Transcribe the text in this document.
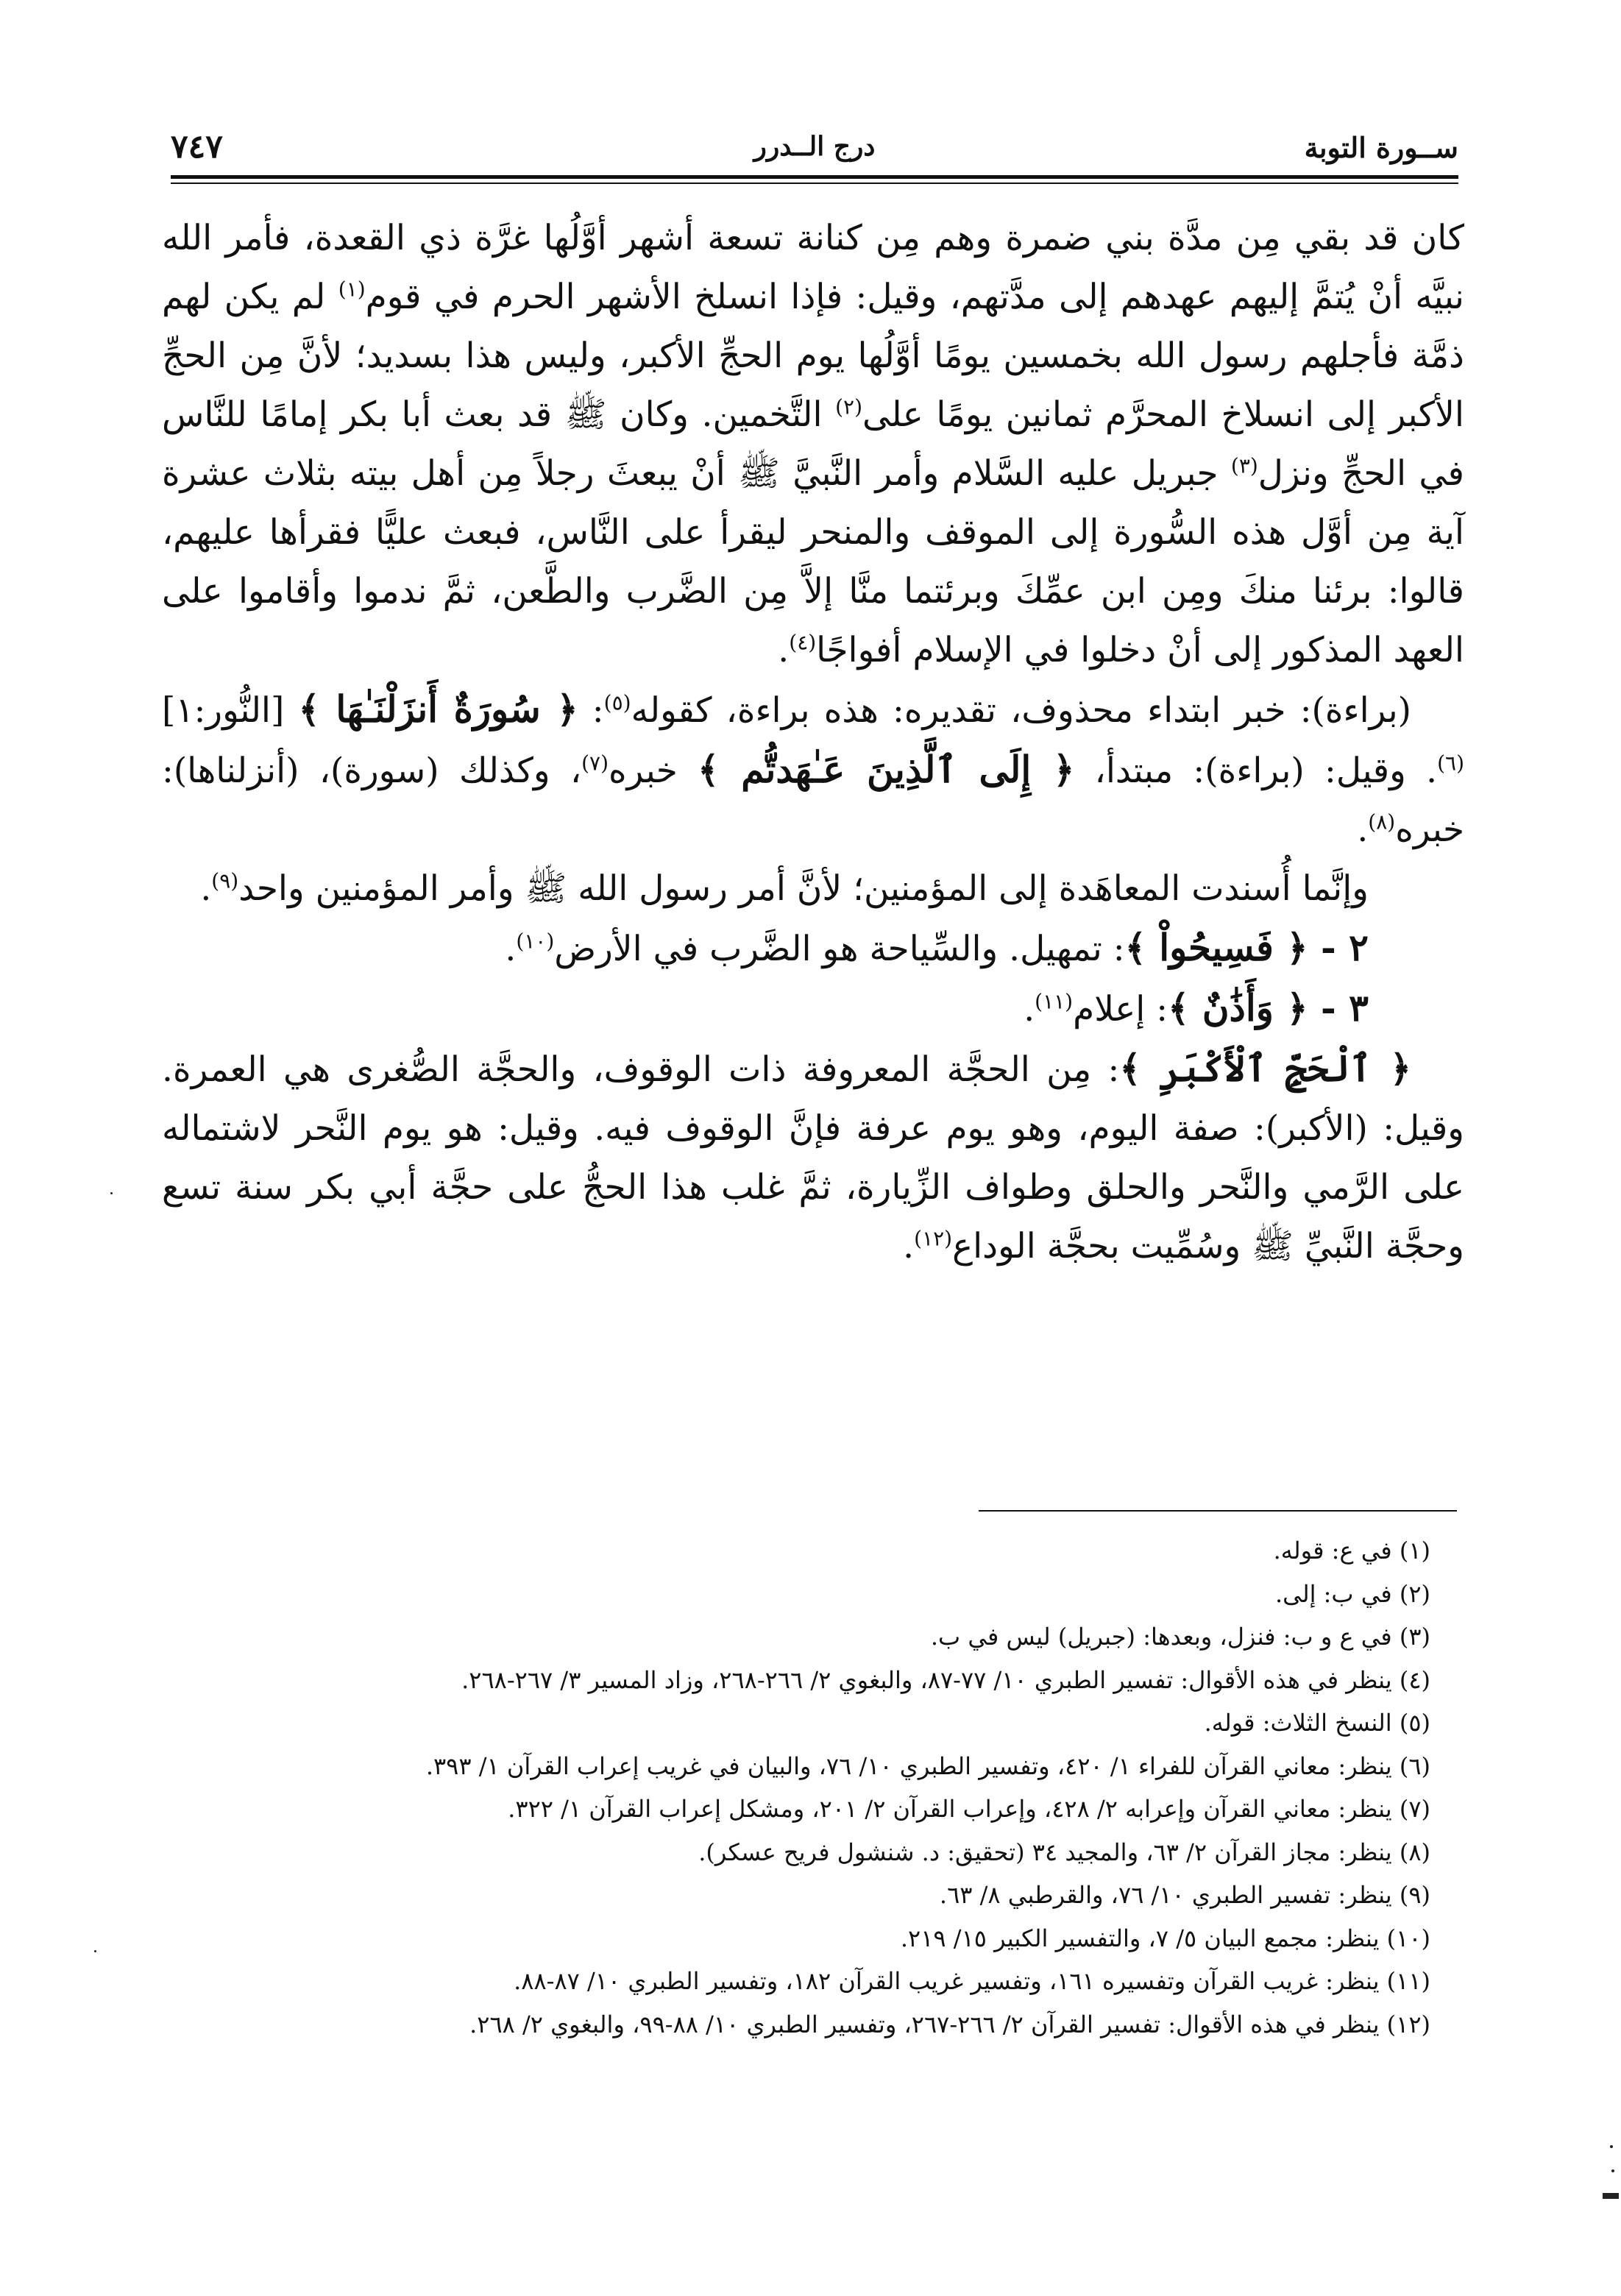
ســورة التوبة
درج الــدرر
٧٤٧

كان قد بقي مِن مدَّة بني ضمرة وهم مِن كنانة تسعة أشهر أوَّلُها غرَّة ذي القعدة، فأمر الله نبيَّه أنْ يُتمَّ إليهم عهدهم إلى مدَّتهم، وقيل: فإذا انسلخ الأشهر الحرم في قوم$^{(١)}$ لم يكن لهم ذمَّة فأجلهم رسول الله بخمسين يومًا أوَّلُها يوم الحجِّ الأكبر، وليس هذا بسديد؛ لأنَّ مِن الحجِّ الأكبر إلى انسلاخ المحرَّم ثمانين يومًا على$^{(٢)}$ التَّخمين. وكان ﷺ قد بعث أبا بكر إمامًا للنَّاس في الحجِّ ونزل$^{(٣)}$ جبريل عليه السَّلام وأمر النَّبيَّ ﷺ أنْ يبعثَ رجلاً مِن أهل بيته بثلاث عشرة آية مِن أوَّل هذه السُّورة إلى الموقف والمنحر ليقرأ على النَّاس، فبعث عليًّا فقرأها عليهم، قالوا: برئنا منكَ ومِن ابن عمِّكَ وبرئتما منَّا إلاَّ مِن الضَّرب والطَّعن، ثمَّ ندموا وأقاموا على العهد المذكور إلى أنْ دخلوا في الإسلام أفواجًا$^{(٤)}$.

(براءة): خبر ابتداء محذوف، تقديره: هذه براءة، كقوله$^{(٥)}$: ﴿ سُورَةٌ أَنزَلْنَـٰهَا ﴾ [النُّور:١]$^{(٦)}$. وقيل: (براءة): مبتدأ، ﴿ إِلَى ٱلَّذِينَ عَـٰهَدتُّم ﴾ خبره$^{(٧)}$، وكذلك (سورة)، (أنزلناها): خبره$^{(٨)}$.

وإنَّما أُسندت المعاهَدة إلى المؤمنين؛ لأنَّ أمر رسول الله ﷺ وأمر المؤمنين واحد$^{(٩)}$.

٢ - ﴿ فَسِيحُواْ ﴾: تمهيل. والسِّياحة هو الضَّرب في الأرض$^{(١٠)}$.

٣ - ﴿ وَأَذَٰنٌ ﴾: إعلام$^{(١١)}$.

﴿ ٱلْحَجِّ ٱلْأَكْبَرِ ﴾: مِن الحجَّة المعروفة ذات الوقوف، والحجَّة الصُّغرى هي العمرة. وقيل: (الأكبر): صفة اليوم، وهو يوم عرفة فإنَّ الوقوف فيه. وقيل: هو يوم النَّحر لاشتماله على الرَّمي والنَّحر والحلق وطواف الزِّيارة، ثمَّ غلب هذا الحجُّ على حجَّة أبي بكر سنة تسع وحجَّة النَّبيِّ ﷺ وسُمِّيت بحجَّة الوداع$^{(١٢)}$.

(١) في ع: قوله.
(٢) في ب: إلى.
(٣) في ع و ب: فنزل، وبعدها: (جبريل) ليس في ب.
(٤) ينظر في هذه الأقوال: تفسير الطبري ١٠/ ٧٧-٨٧، والبغوي ٢/ ٢٦٦-٢٦٨، وزاد المسير ٣/ ٢٦٧-٢٦٨.
(٥) النسخ الثلاث: قوله.
(٦) ينظر: معاني القرآن للفراء ١/ ٤٢٠، وتفسير الطبري ١٠/ ٧٦، والبيان في غريب إعراب القرآن ١/ ٣٩٣.
(٧) ينظر: معاني القرآن وإعرابه ٢/ ٤٢٨، وإعراب القرآن ٢/ ٢٠١، ومشكل إعراب القرآن ١/ ٣٢٢.
(٨) ينظر: مجاز القرآن ٢/ ٦٣، والمجيد ٣٤ (تحقيق: د. شنشول فريح عسكر).
(٩) ينظر: تفسير الطبري ١٠/ ٧٦، والقرطبي ٨/ ٦٣.
(١٠) ينظر: مجمع البيان ٥/ ٧، والتفسير الكبير ١٥/ ٢١٩.
(١١) ينظر: غريب القرآن وتفسيره ١٦١، وتفسير غريب القرآن ١٨٢، وتفسير الطبري ١٠/ ٨٧-٨٨.
(١٢) ينظر في هذه الأقوال: تفسير القرآن ٢/ ٢٦٦-٢٦٧، وتفسير الطبري ١٠/ ٨٨-٩٩، والبغوي ٢/ ٢٦٨.
